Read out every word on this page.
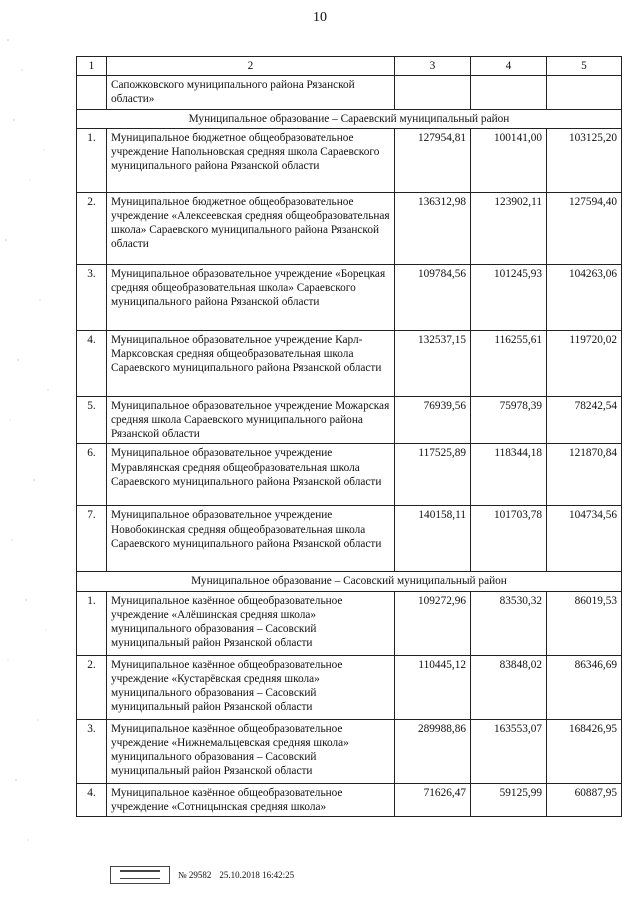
10
1	2	3	4	5
	Сапожковского муниципального района Рязанской области»			
Муниципальное образование – Сараевский муниципальный район				
1.	Муниципальное бюджетное общеобразовательное учреждение Напольновская средняя школа Сараевского муниципального района Рязанской области	127954,81	100141,00	103125,20
2.	Муниципальное бюджетное общеобразовательное учреждение «Алексеевская средняя общеобразовательная школа» Сараевского муниципального района Рязанской области	136312,98	123902,11	127594,40
3.	Муниципальное образовательное учреждение «Борецкая средняя общеобразовательная школа» Сараевского муниципального района Рязанской области	109784,56	101245,93	104263,06
4.	Муниципальное образовательное учреждение Карл-Марксовская средняя общеобразовательная школа Сараевского муниципального района Рязанской области	132537,15	116255,61	119720,02
5.	Муниципальное образовательное учреждение Можарская средняя школа Сараевского муниципального района Рязанской области	76939,56	75978,39	78242,54
6.	Муниципальное образовательное учреждение Муравлянская средняя общеобразовательная школа Сараевского муниципального района Рязанской области	117525,89	118344,18	121870,84
7.	Муниципальное образовательное учреждение Новобокинская средняя общеобразовательная школа Сараевского муниципального района Рязанской области	140158,11	101703,78	104734,56
Муниципальное образование – Сасовский муниципальный район				
1.	Муниципальное казённое общеобразовательное учреждение «Алёшинская средняя школа» муниципального образования – Сасовский муниципальный район Рязанской области	109272,96	83530,32	86019,53
2.	Муниципальное казённое общеобразовательное учреждение «Кустарёвская средняя школа» муниципального образования – Сасовский муниципальный район Рязанской области	110445,12	83848,02	86346,69
3.	Муниципальное казённое общеобразовательное учреждение «Нижнемальцевская средняя школа» муниципального образования – Сасовский муниципальный район Рязанской области	289988,86	163553,07	168426,95
4.	Муниципальное казённое общеобразовательное учреждение «Сотницынская средняя школа»	71626,47	59125,99	60887,95
№ 29582 25.10.2018 16:42:25
